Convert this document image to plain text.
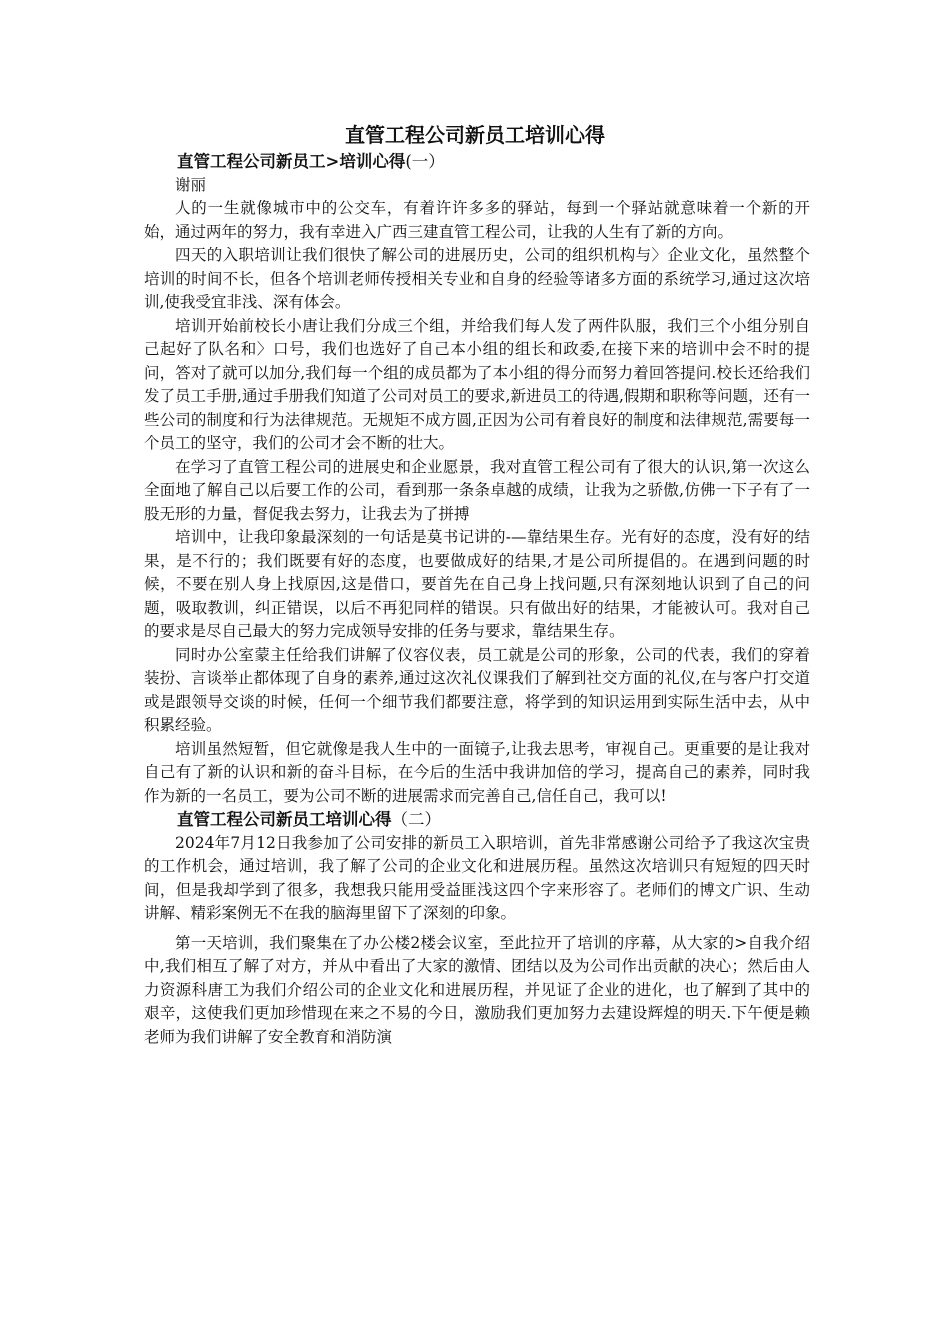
直管工程公司新员工培训心得
直管工程公司新员工>培训心得(一）

谢丽

人的一生就像城市中的公交车，有着许许多多的驿站，每到一个驿站就意味着一个新的开始，通过两年的努力，我有幸进入广西三建直管工程公司，让我的人生有了新的方向。

四天的入职培训让我们很快了解公司的进展历史，公司的组织机构与〉企业文化，虽然整个培训的时间不长，但各个培训老师传授相关专业和自身的经验等诸多方面的系统学习,通过这次培训,使我受宜非浅、深有体会。

培训开始前校长小唐让我们分成三个组，并给我们每人发了两件队服，我们三个小组分别自己起好了队名和〉口号，我们也选好了自己本小组的组长和政委,在接下来的培训中会不时的提问，答对了就可以加分,我们每一个组的成员都为了本小组的得分而努力着回答提问.校长还给我们发了员工手册,通过手册我们知道了公司对员工的要求,新进员工的待遇,假期和职称等问题，还有一些公司的制度和行为法律规范。无规矩不成方圆,正因为公司有着良好的制度和法律规范,需要每一个员工的坚守，我们的公司才会不断的壮大。

在学习了直管工程公司的进展史和企业愿景，我对直管工程公司有了很大的认识,第一次这么全面地了解自己以后要工作的公司，看到那一条条卓越的成绩，让我为之骄傲,仿佛一下子有了一股无形的力量，督促我去努力，让我去为了拼搏

培训中，让我印象最深刻的一句话是莫书记讲的-—靠结果生存。光有好的态度，没有好的结果，是不行的；我们既要有好的态度，也要做成好的结果,才是公司所提倡的。在遇到问题的时候，不要在别人身上找原因,这是借口，要首先在自己身上找问题,只有深刻地认识到了自己的问题，吸取教训，纠正错误，以后不再犯同样的错误。只有做出好的结果，才能被认可。我对自己的要求是尽自己最大的努力完成领导安排的任务与要求，靠结果生存。

同时办公室蒙主任给我们讲解了仪容仪表，员工就是公司的形象，公司的代表，我们的穿着装扮、言谈举止都体现了自身的素养,通过这次礼仪课我们了解到社交方面的礼仪,在与客户打交道或是跟领导交谈的时候，任何一个细节我们都要注意，将学到的知识运用到实际生活中去，从中积累经验。

培训虽然短暂，但它就像是我人生中的一面镜子,让我去思考，审视自己。更重要的是让我对自己有了新的认识和新的奋斗目标，在今后的生活中我讲加倍的学习，提高自己的素养，同时我作为新的一名员工，要为公司不断的进展需求而完善自己,信任自己，我可以!

直管工程公司新员工培训心得（二）

2024年7月12日我参加了公司安排的新员工入职培训，首先非常感谢公司给予了我这次宝贵的工作机会，通过培训，我了解了公司的企业文化和进展历程。虽然这次培训只有短短的四天时间，但是我却学到了很多，我想我只能用受益匪浅这四个字来形容了。老师们的博文广识、生动讲解、精彩案例无不在我的脑海里留下了深刻的印象。

第一天培训，我们聚集在了办公楼2楼会议室，至此拉开了培训的序幕，从大家的>自我介绍中,我们相互了解了对方，并从中看出了大家的激情、团结以及为公司作出贡献的决心；然后由人力资源科唐工为我们介绍公司的企业文化和进展历程，并见证了企业的进化，也了解到了其中的艰辛，这使我们更加珍惜现在来之不易的今日，激励我们更加努力去建设辉煌的明天.下午便是赖老师为我们讲解了安全教育和消防演
